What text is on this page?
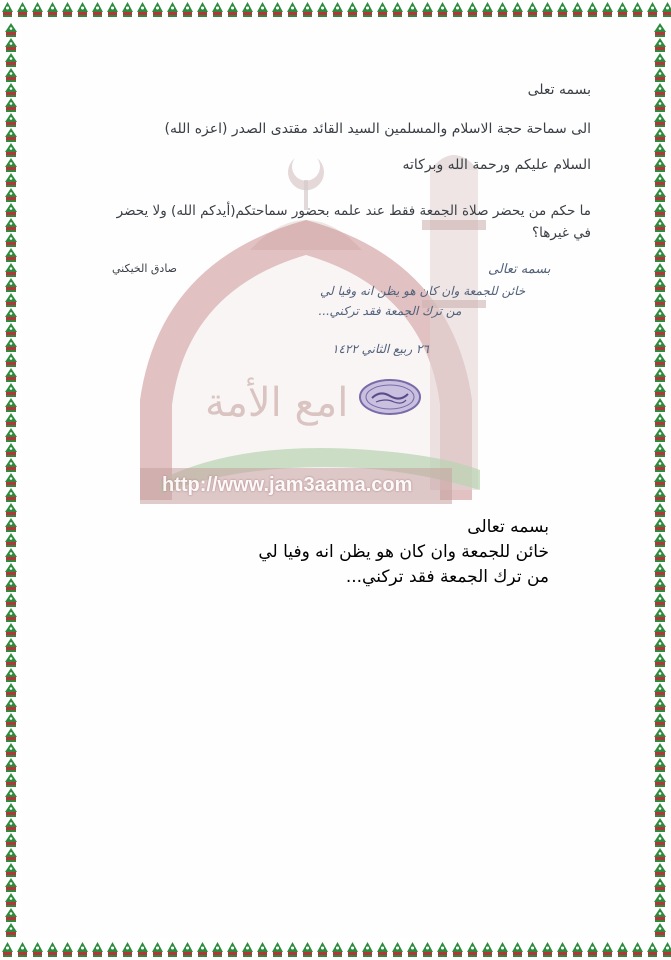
امع الأمة
http://www.jam3aama.com
بسمه تعلى
الى سماحة حجة الاسلام والمسلمين السيد القائد مقتدى الصدر (اعزه الله)
السلام عليكم ورحمة الله وبركاته
ما حكم من يحضر صلاة الجمعة فقط عند علمه بحضور سماحتكم(أيدكم الله) ولا يحضر في غيرها؟
صادق الخيكني	بسمه تعالى
خائن للجمعة وان كان هو يظن انه وفيا لي
من ترك الجمعة فقد تركني...
٢٦ ربيع الثاني ١٤٢٢
بسمه تعالى
خائن للجمعة وان كان هو يظن انه وفيا لي
من ترك الجمعة فقد تركني...
